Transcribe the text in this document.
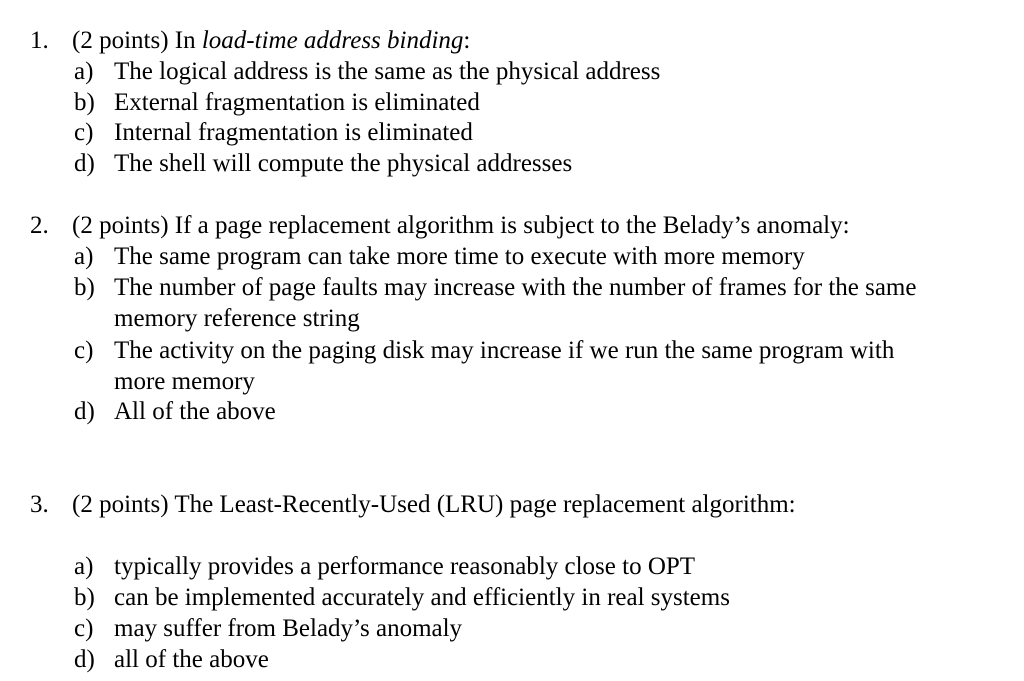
1. (2 points) In load-time address binding:
a) The logical address is the same as the physical address
b) External fragmentation is eliminated
c) Internal fragmentation is eliminated
d) The shell will compute the physical addresses
2. (2 points) If a page replacement algorithm is subject to the Belady’s anomaly:
a) The same program can take more time to execute with more memory
b) The number of page faults may increase with the number of frames for the same
memory reference string
c) The activity on the paging disk may increase if we run the same program with
more memory
d) All of the above
3. (2 points) The Least-Recently-Used (LRU) page replacement algorithm:
a) typically provides a performance reasonably close to OPT
b) can be implemented accurately and efficiently in real systems
c) may suffer from Belady’s anomaly
d) all of the above
